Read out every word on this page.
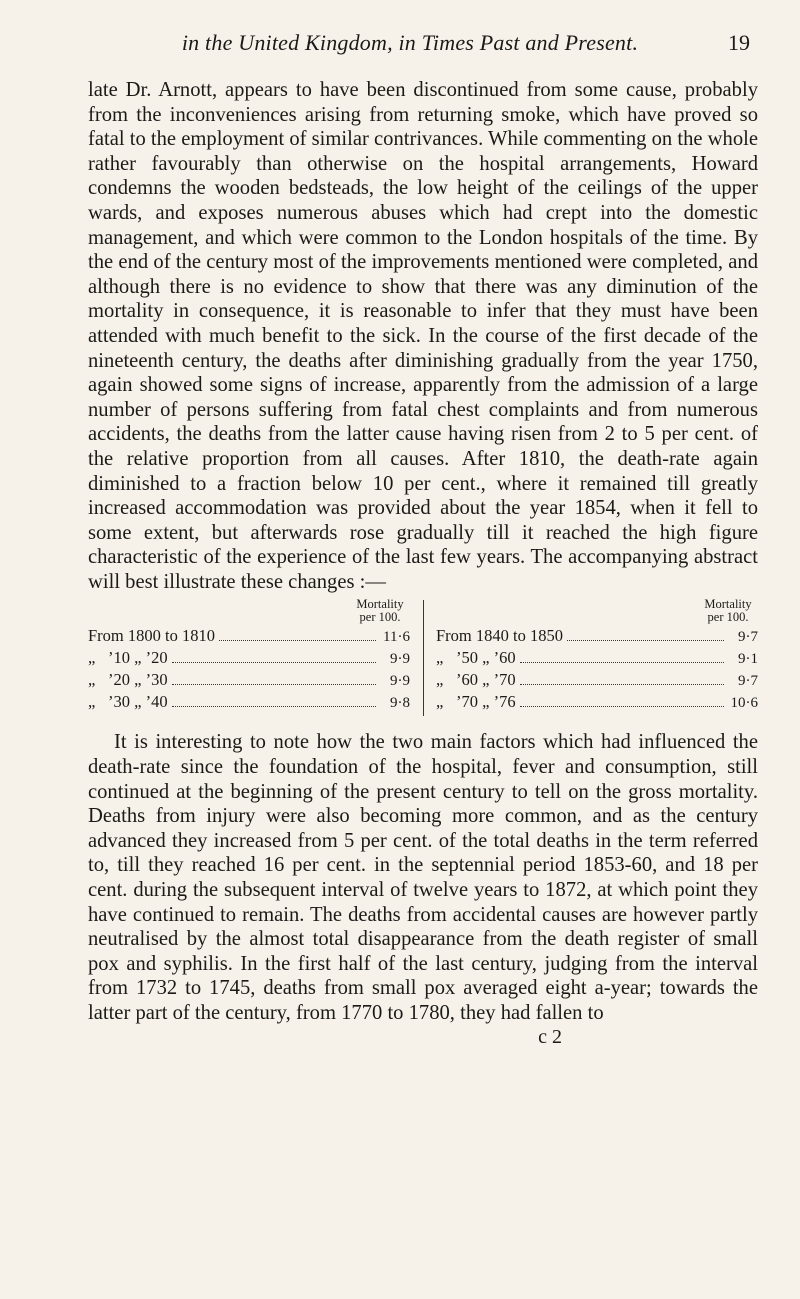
in the United Kingdom, in Times Past and Present.	19

late Dr. Arnott, appears to have been discontinued from some cause, probably from the inconveniences arising from returning smoke, which have proved so fatal to the employment of similar contrivances. While commenting on the whole rather favourably than otherwise on the hospital arrangements, Howard condemns the wooden bedsteads, the low height of the ceilings of the upper wards, and exposes numerous abuses which had crept into the domestic management, and which were common to the London hospitals of the time. By the end of the century most of the improvements mentioned were completed, and although there is no evidence to show that there was any diminution of the mortality in consequence, it is reasonable to infer that they must have been attended with much benefit to the sick. In the course of the first decade of the nineteenth century, the deaths after diminishing gradually from the year 1750, again showed some signs of increase, apparently from the admission of a large number of persons suffering from fatal chest complaints and from numerous accidents, the deaths from the latter cause having risen from 2 to 5 per cent. of the relative proportion from all causes. After 1810, the death-rate again diminished to a fraction below 10 per cent., where it remained till greatly increased accommodation was provided about the year 1854, when it fell to some extent, but afterwards rose gradually till it reached the high figure characteristic of the experience of the last few years. The accompanying abstract will best illustrate these changes :—

Mortality
per 100.
From 1800 to 1810	11·6
„ ’10 „ ’20	9·9
„ ’20 „ ’30	9·9
„ ’30 „ ’40	9·8
Mortality
per 100.
From 1840 to 1850	9·7
„ ’50 „ ’60	9·1
„ ’60 „ ’70	9·7
„ ’70 „ ’76	10·6

It is interesting to note how the two main factors which had influenced the death-rate since the foundation of the hospital, fever and consumption, still continued at the beginning of the present century to tell on the gross mortality. Deaths from injury were also becoming more common, and as the century advanced they increased from 5 per cent. of the total deaths in the term referred to, till they reached 16 per cent. in the septennial period 1853-60, and 18 per cent. during the subsequent interval of twelve years to 1872, at which point they have continued to remain. The deaths from accidental causes are however partly neutralised by the almost total disappearance from the death register of small pox and syphilis. In the first half of the last century, judging from the interval from 1732 to 1745, deaths from small pox averaged eight a-year; towards the latter part of the century, from 1770 to 1780, they had fallen to

c 2
